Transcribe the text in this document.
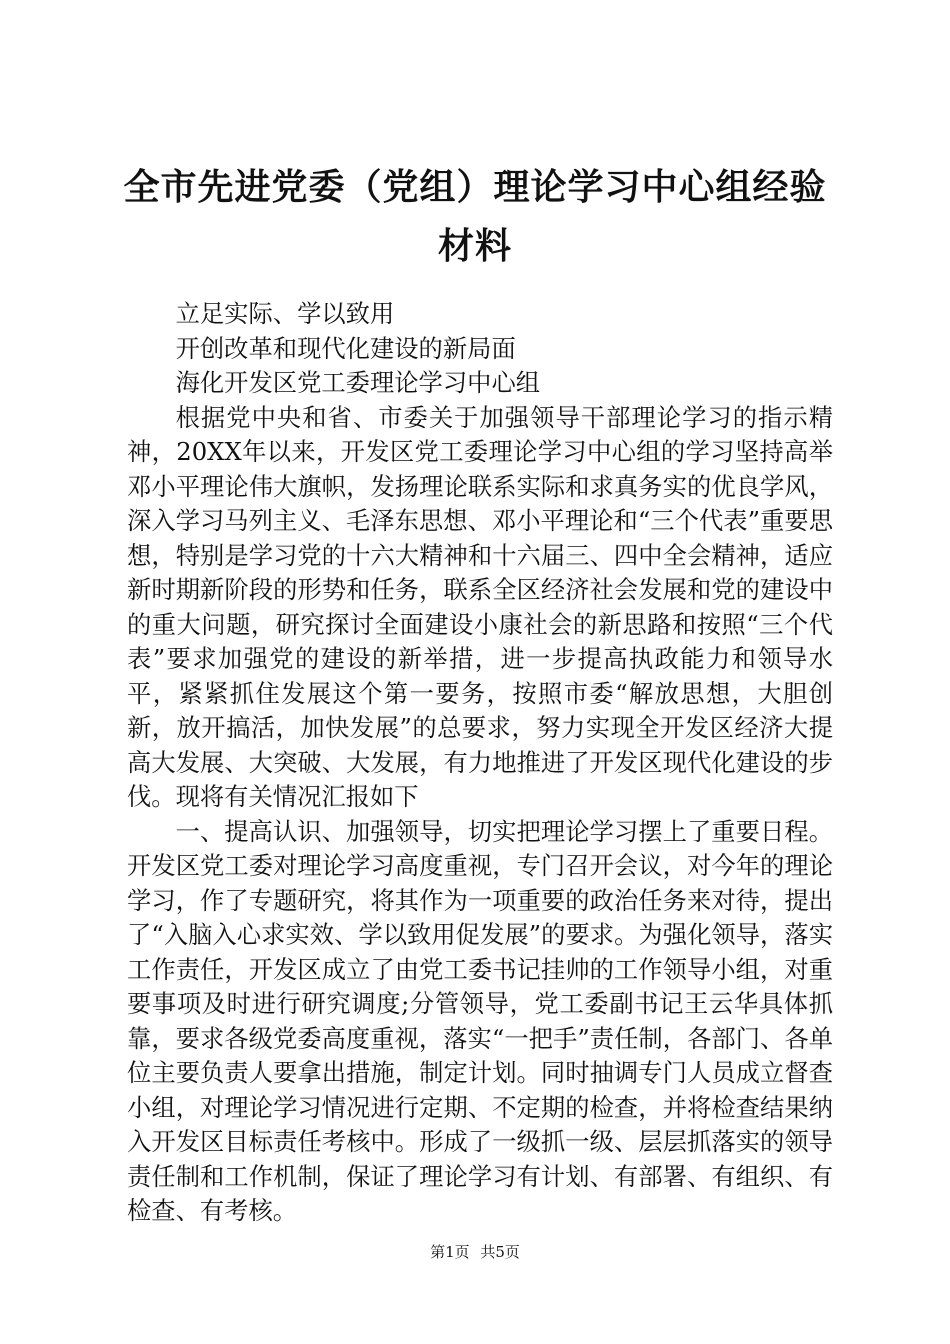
全市先进党委（党组）理论学习中心组经验材料

立足实际、学以致用

开创改革和现代化建设的新局面

海化开发区党工委理论学习中心组

根据党中央和省、市委关于加强领导干部理论学习的指示精神，20XX年以来，开发区党工委理论学习中心组的学习坚持高举邓小平理论伟大旗帜，发扬理论联系实际和求真务实的优良学风，深入学习马列主义、毛泽东思想、邓小平理论和“三个代表”重要思想，特别是学习党的十六大精神和十六届三、四中全会精神，适应新时期新阶段的形势和任务，联系全区经济社会发展和党的建设中的重大问题，研究探讨全面建设小康社会的新思路和按照“三个代表”要求加强党的建设的新举措，进一步提高执政能力和领导水平，紧紧抓住发展这个第一要务，按照市委“解放思想，大胆创新，放开搞活，加快发展”的总要求，努力实现全开发区经济大提高大发展、大突破、大发展，有力地推进了开发区现代化建设的步伐。现将有关情况汇报如下

一、提高认识、加强领导，切实把理论学习摆上了重要日程。开发区党工委对理论学习高度重视，专门召开会议，对今年的理论学习，作了专题研究，将其作为一项重要的政治任务来对待，提出了“入脑入心求实效、学以致用促发展”的要求。为强化领导，落实工作责任，开发区成立了由党工委书记挂帅的工作领导小组，对重要事项及时进行研究调度;分管领导，党工委副书记王云华具体抓靠，要求各级党委高度重视，落实“一把手”责任制，各部门、各单位主要负责人要拿出措施，制定计划。同时抽调专门人员成立督查小组，对理论学习情况进行定期、不定期的检查，并将检查结果纳入开发区目标责任考核中。形成了一级抓一级、层层抓落实的领导责任制和工作机制，保证了理论学习有计划、有部署、有组织、有检查、有考核。

第1页 共5页
